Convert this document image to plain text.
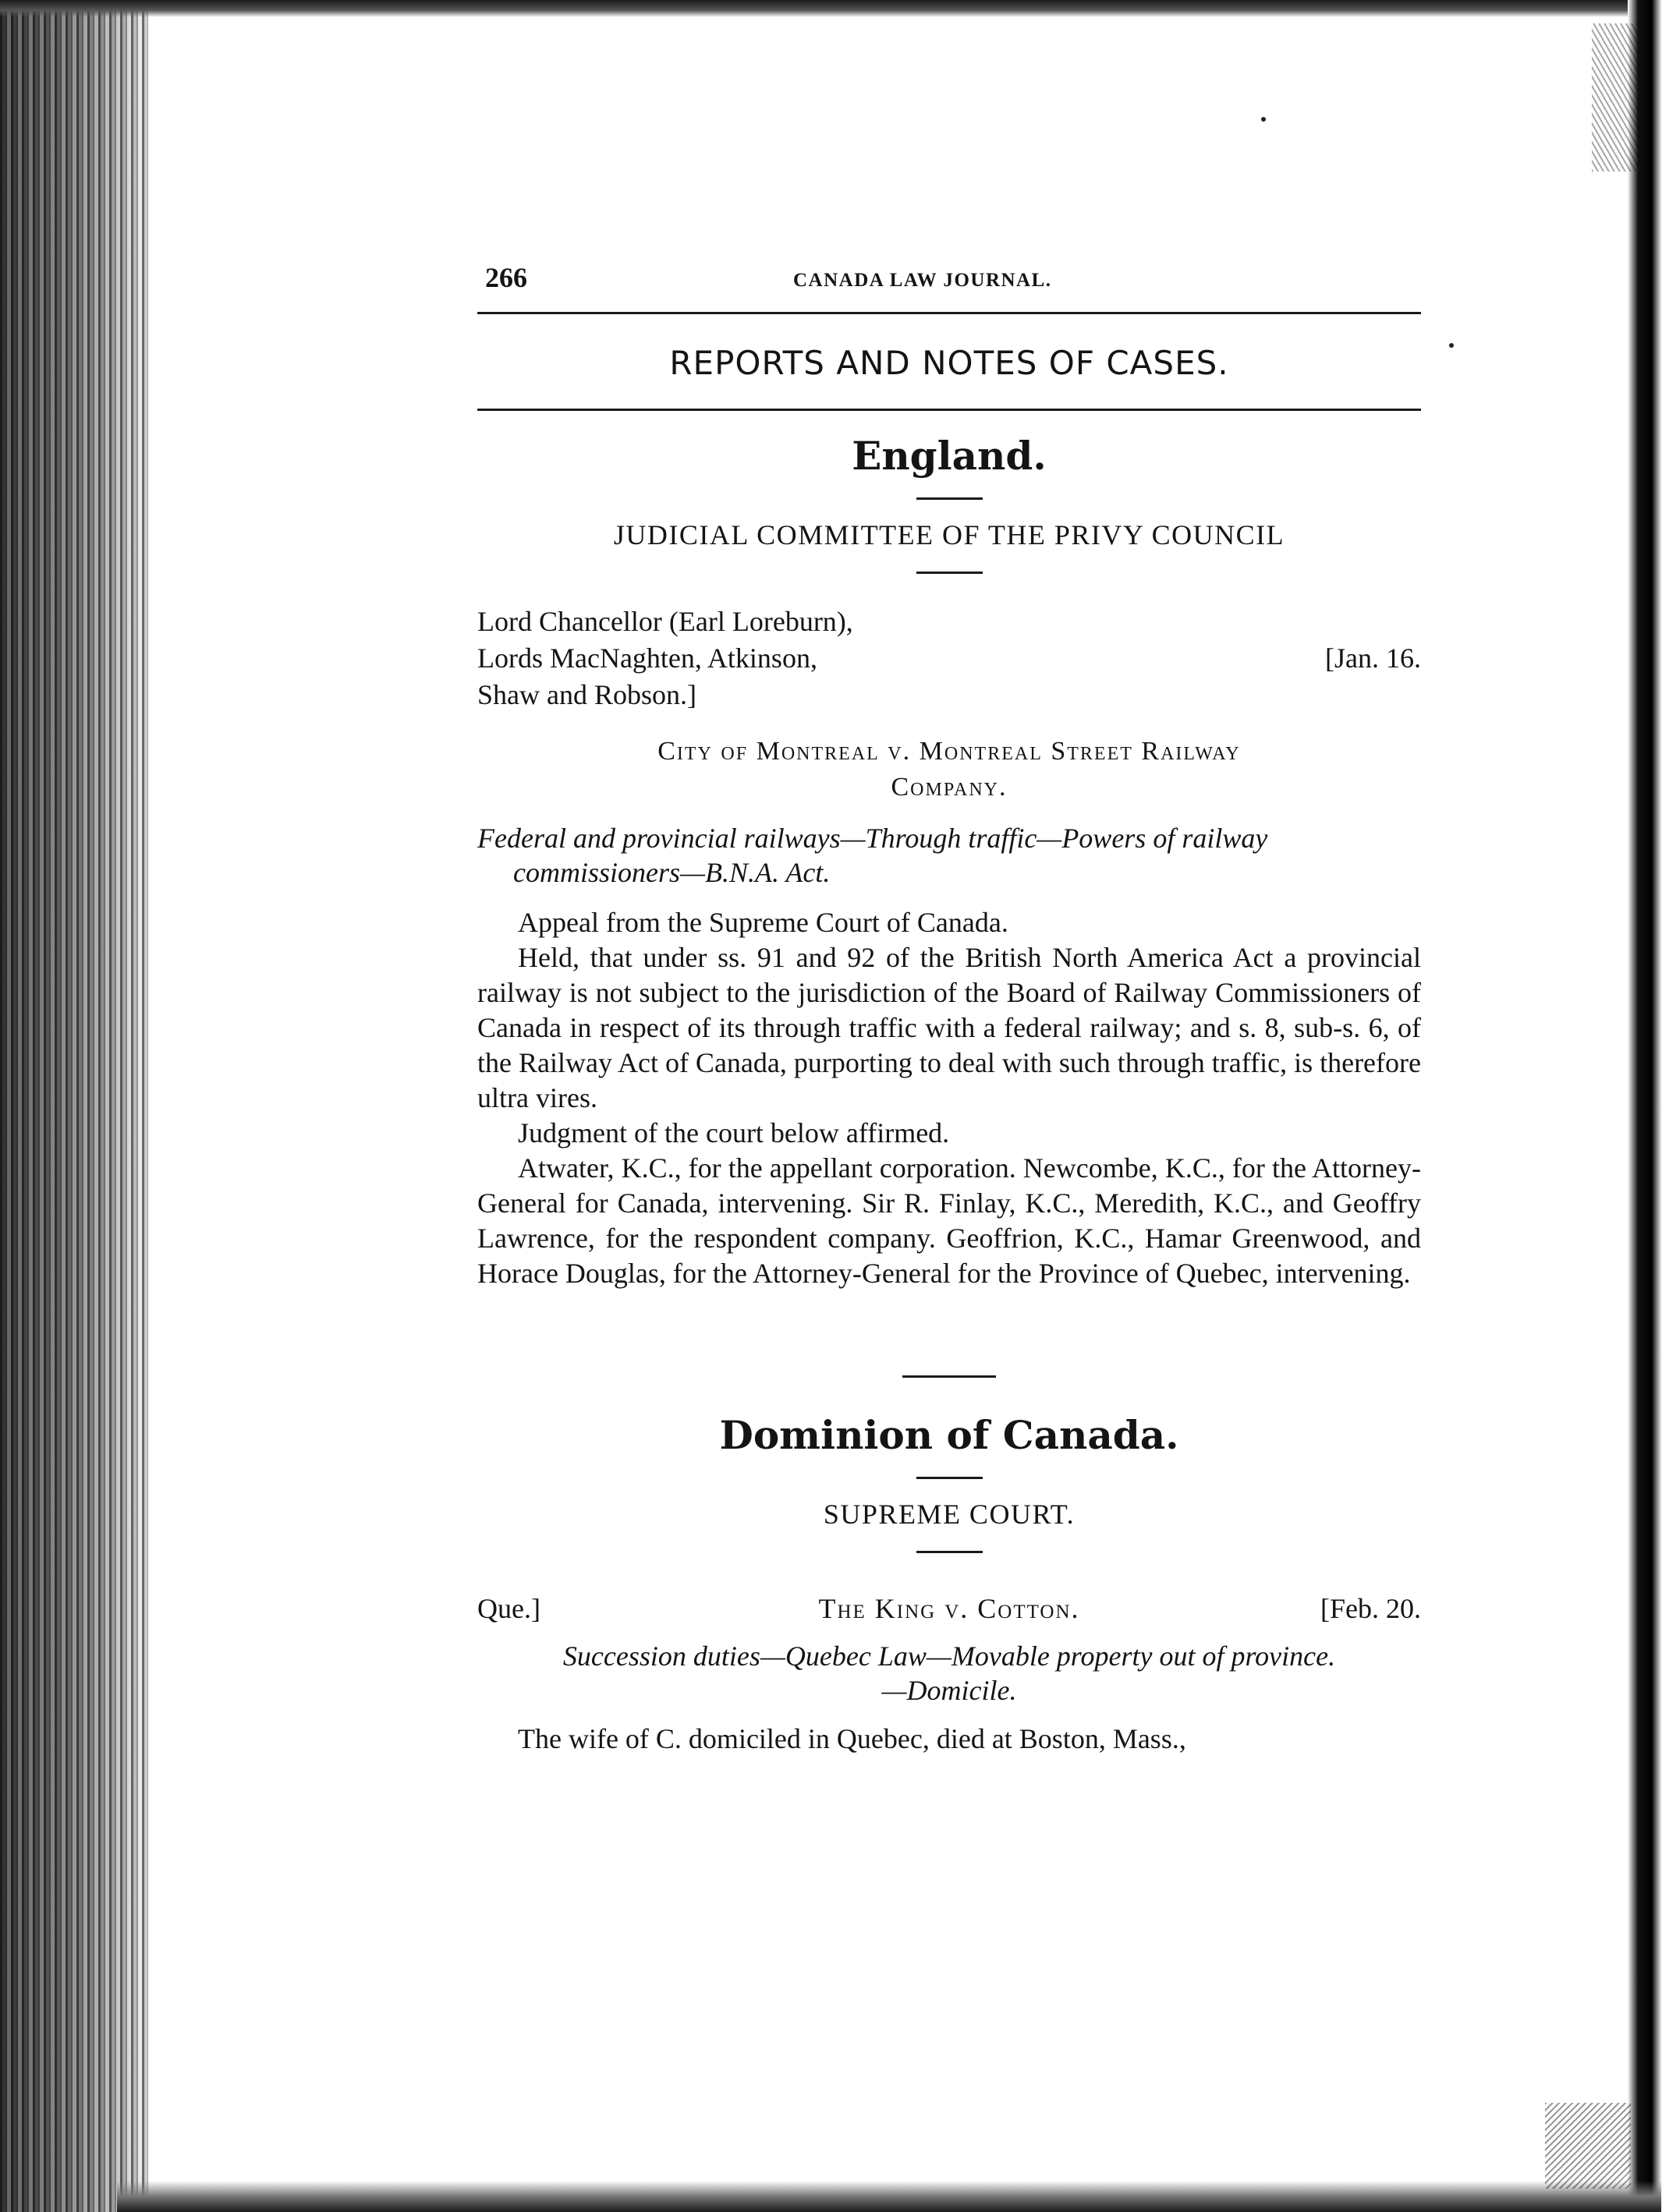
266	CANADA LAW JOURNAL.
REPORTS AND NOTES OF CASES.
England.
JUDICIAL COMMITTEE OF THE PRIVY COUNCIL
Lord Chancellor (Earl Loreburn),
Lords MacNaghten, Atkinson,
Shaw and Robson.]
[Jan. 16.
City of Montreal v. Montreal Street Railway
Company.

Federal and provincial railways—Through traffic—Powers of railway commissioners—B.N.A. Act.

Appeal from the Supreme Court of Canada.

Held, that under ss. 91 and 92 of the British North America Act a provincial railway is not subject to the jurisdiction of the Board of Railway Commissioners of Canada in respect of its through traffic with a federal railway; and s. 8, sub-s. 6, of the Railway Act of Canada, purporting to deal with such through traffic, is therefore ultra vires.

Judgment of the court below affirmed.

Atwater, K.C., for the appellant corporation. Newcombe, K.C., for the Attorney-General for Canada, intervening. Sir R. Finlay, K.C., Meredith, K.C., and Geoffry Lawrence, for the respondent company. Geoffrion, K.C., Hamar Greenwood, and Horace Douglas, for the Attorney-General for the Province of Quebec, intervening.

Dominion of Canada.
SUPREME COURT.
Que.]	The King v. Cotton.	[Feb. 20.
Succession duties—Quebec Law—Movable property out of province.
—Domicile.

The wife of C. domiciled in Quebec, died at Boston, Mass.,
